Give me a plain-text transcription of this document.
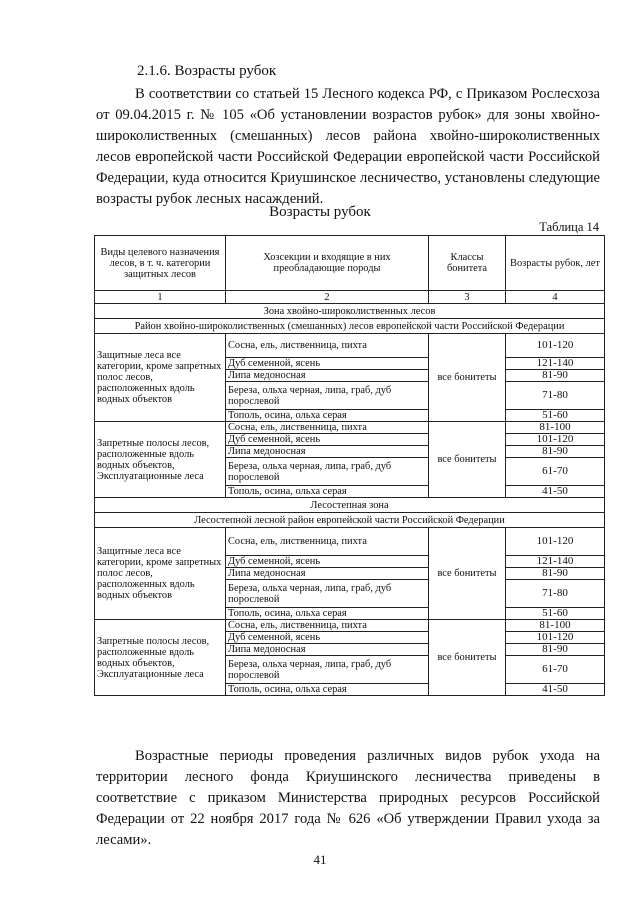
2.1.6. Возрасты рубок

В соответствии со статьей 15 Лесного кодекса РФ, с Приказом Рослесхоза от 09.04.2015 г. № 105 «Об установлении возрастов рубок» для зоны хвойно-широколиственных (смешанных) лесов района хвойно-широколиственных лесов европейской части Российской Федерации европейской части Российской Федерации, куда относится Криушинское лесничество, установлены следующие возрасты рубок лесных насаждений.

Возрасты рубок
Таблица 14
Виды целевого назначения лесов, в т. ч. категории защитных лесов	Хозсекции и входящие в них преобладающие породы	Классы бонитета	Возрасты рубок, лет
1	2	3	4
Зона хвойно-широколиственных лесов			
Район хвойно-широколиственных (смешанных) лесов европейской части Российской Федерации			
Защитные леса все категории, кроме запретных полос лесов, расположенных вдоль водных объектов	Сосна, ель, лиственница, пихта	все бонитеты	101-120
	Дуб семенной, ясень		121-140
	Липа медоносная		81-90
	Береза, ольха черная, липа, граб, дуб порослевой		71-80
	Тополь, осина, ольха серая		51-60
Запретные полосы лесов, расположенные вдоль водных объектов, Эксплуатационные леса	Сосна, ель, лиственница, пихта	все бонитеты	81-100
	Дуб семенной, ясень		101-120
	Липа медоносная		81-90
	Береза, ольха черная, липа, граб, дуб порослевой		61-70
	Тополь, осина, ольха серая		41-50
Лесостепная зона			
Лесостепной лесной район европейской части Российской Федерации			
Защитные леса все категории, кроме запретных полос лесов, расположенных вдоль водных объектов	Сосна, ель, лиственница, пихта	все бонитеты	101-120
	Дуб семенной, ясень		121-140
	Липа медоносная		81-90
	Береза, ольха черная, липа, граб, дуб порослевой		71-80
	Тополь, осина, ольха серая		51-60
Запретные полосы лесов, расположенные вдоль водных объектов, Эксплуатационные леса	Сосна, ель, лиственница, пихта	все бонитеты	81-100
	Дуб семенной, ясень		101-120
	Липа медоносная		81-90
	Береза, ольха черная, липа, граб, дуб порослевой		61-70
	Тополь, осина, ольха серая		41-50

Возрастные периоды проведения различных видов рубок ухода на территории лесного фонда Криушинского лесничества приведены в соответствие с приказом Министерства природных ресурсов Российской Федерации от 22 ноября 2017 года № 626 «Об утверждении Правил ухода за лесами».

41
